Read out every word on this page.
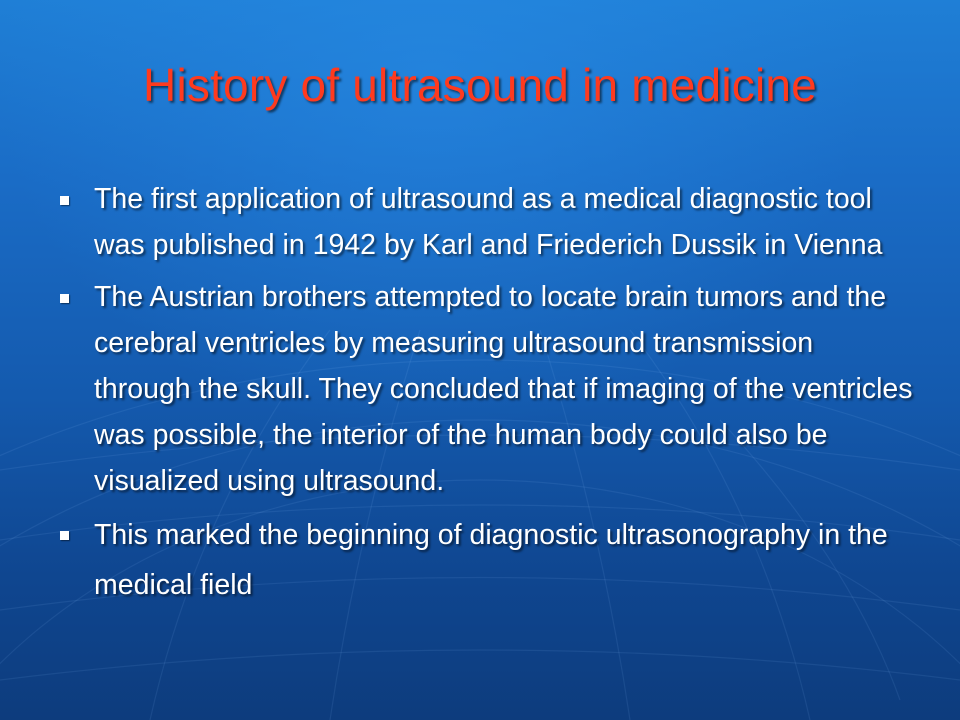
History of ultrasound in medicine
The first application of ultrasound as a medical diagnostic tool was published in 1942 by Karl and Friederich Dussik in Vienna
The Austrian brothers attempted to locate brain tumors and the cerebral ventricles by measuring ultrasound transmission through the skull. They concluded that if imaging of the ventricles was possible, the interior of the human body could also be visualized using ultrasound.
This marked the beginning of diagnostic ultrasonography in the medical field
